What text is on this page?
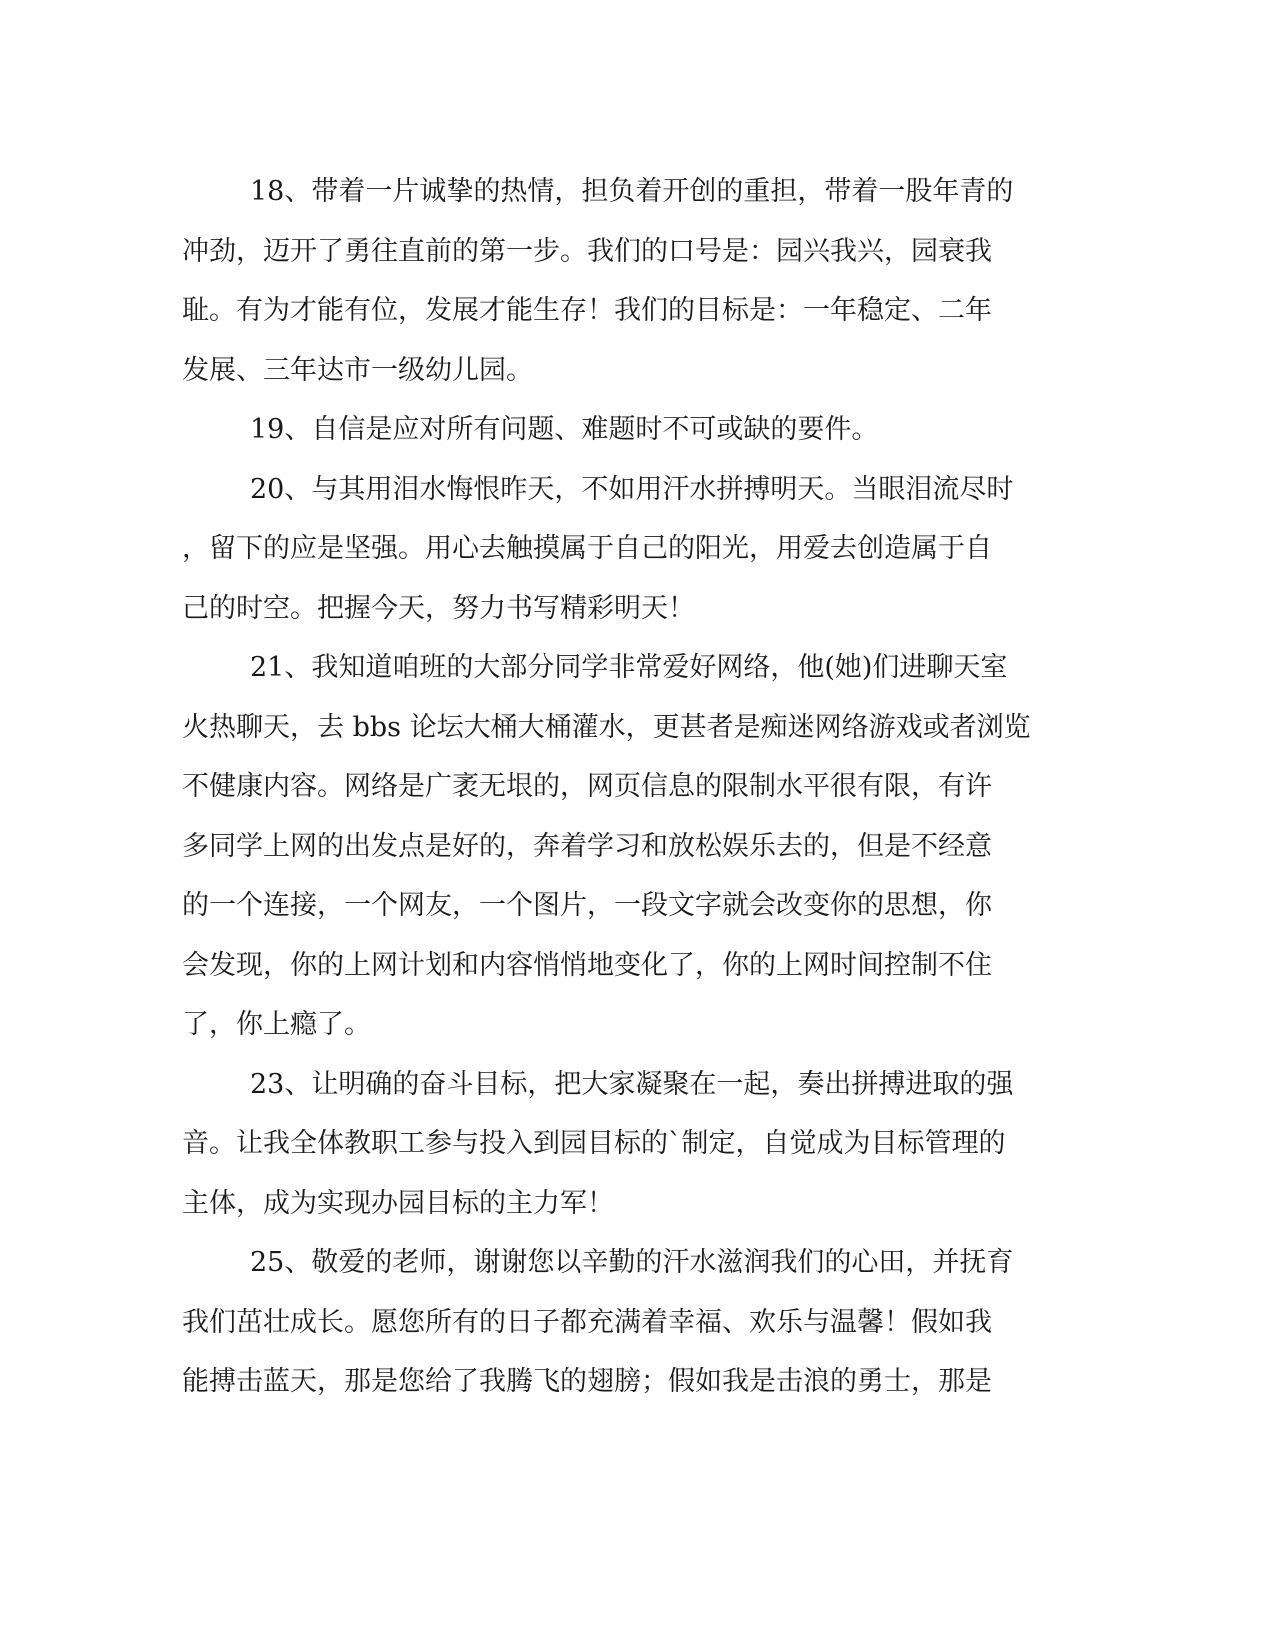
18、带着一片诚挚的热情，担负着开创的重担，带着一股年青的
冲劲，迈开了勇往直前的第一步。我们的口号是：园兴我兴，园衰我
耻。有为才能有位，发展才能生存！我们的目标是：一年稳定、二年
发展、三年达市一级幼儿园。

19、自信是应对所有问题、难题时不可或缺的要件。

20、与其用泪水悔恨昨天，不如用汗水拼搏明天。当眼泪流尽时
，留下的应是坚强。用心去触摸属于自己的阳光，用爱去创造属于自
己的时空。把握今天，努力书写精彩明天！

21、我知道咱班的大部分同学非常爱好网络，他(她)们进聊天室
火热聊天，去 bbs 论坛大桶大桶灌水，更甚者是痴迷网络游戏或者浏览
不健康内容。网络是广袤无垠的，网页信息的限制水平很有限，有许
多同学上网的出发点是好的，奔着学习和放松娱乐去的，但是不经意
的一个连接，一个网友，一个图片，一段文字就会改变你的思想，你
会发现，你的上网计划和内容悄悄地变化了，你的上网时间控制不住
了，你上瘾了。

23、让明确的奋斗目标，把大家凝聚在一起，奏出拼搏进取的强
音。让我全体教职工参与投入到园目标的`制定，自觉成为目标管理的
主体，成为实现办园目标的主力军！

25、敬爱的老师，谢谢您以辛勤的汗水滋润我们的心田，并抚育
我们茁壮成长。愿您所有的日子都充满着幸福、欢乐与温馨！假如我
能搏击蓝天，那是您给了我腾飞的翅膀；假如我是击浪的勇士，那是
